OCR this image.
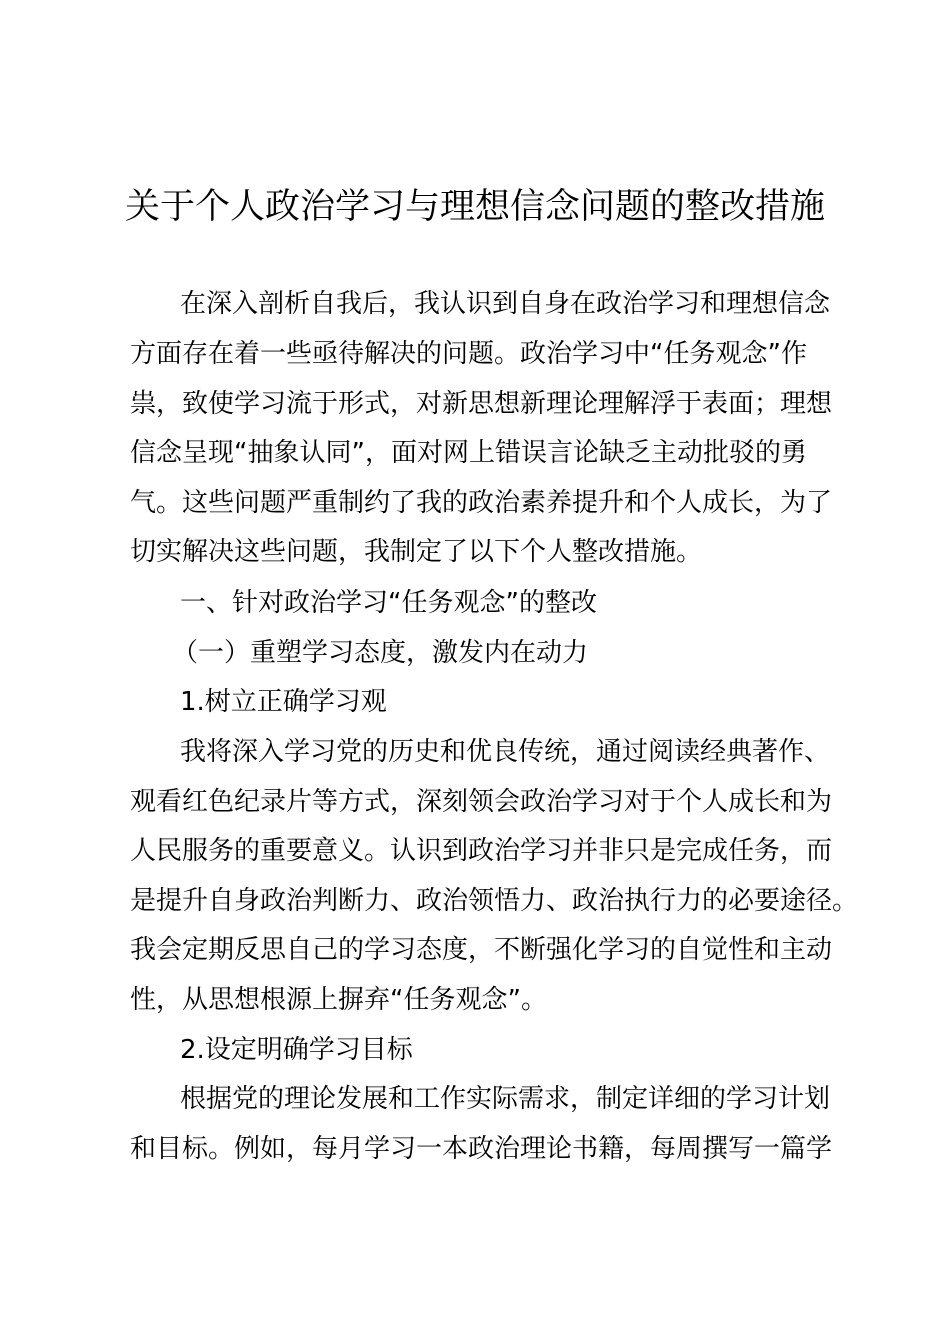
关于个人政治学习与理想信念问题的整改措施
在深入剖析自我后，我认识到自身在政治学习和理想信念
方面存在着一些亟待解决的问题。政治学习中“任务观念”作
祟，致使学习流于形式，对新思想新理论理解浮于表面；理想
信念呈现“抽象认同”，面对网上错误言论缺乏主动批驳的勇
气。这些问题严重制约了我的政治素养提升和个人成长，为了
切实解决这些问题，我制定了以下个人整改措施。
一、针对政治学习“任务观念”的整改
（一）重塑学习态度，激发内在动力
1.树立正确学习观
我将深入学习党的历史和优良传统，通过阅读经典著作、
观看红色纪录片等方式，深刻领会政治学习对于个人成长和为
人民服务的重要意义。认识到政治学习并非只是完成任务，而
是提升自身政治判断力、政治领悟力、政治执行力的必要途径。
我会定期反思自己的学习态度，不断强化学习的自觉性和主动
性，从思想根源上摒弃“任务观念”。
2.设定明确学习目标
根据党的理论发展和工作实际需求，制定详细的学习计划
和目标。例如，每月学习一本政治理论书籍，每周撰写一篇学
